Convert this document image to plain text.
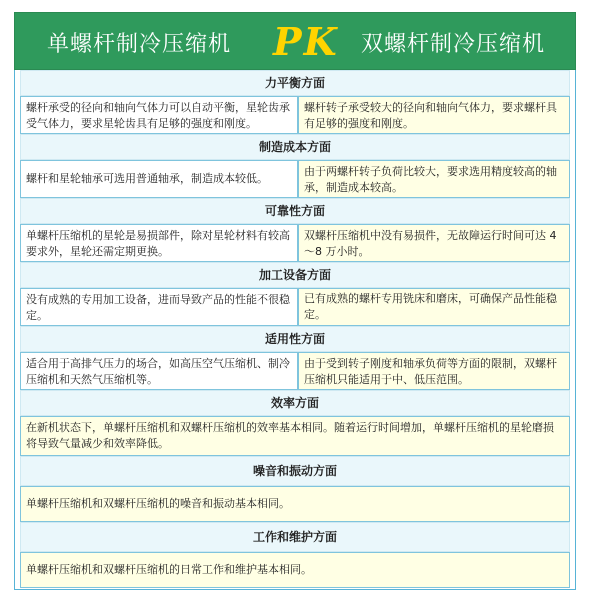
单螺杆制冷压缩机 PK 双螺杆制冷压缩机
力平衡方面
螺杆承受的径向和轴向气体力可以自动平衡，星轮齿承受气体力，要求星轮齿具有足够的强度和刚度。
螺杆转子承受较大的径向和轴向气体力，要求螺杆具有足够的强度和刚度。
制造成本方面
螺杆和星轮轴承可选用普通轴承，制造成本较低。
由于两螺杆转子负荷比较大，要求选用精度较高的轴承，制造成本较高。
可靠性方面
单螺杆压缩机的星轮是易损部件，除对星轮材料有较高要求外，星轮还需定期更换。
双螺杆压缩机中没有易损件，无故障运行时间可达 4～8 万小时。
加工设备方面
没有成熟的专用加工设备，进而导致产品的性能不很稳定。
已有成熟的螺杆专用铣床和磨床，可确保产品性能稳定。
适用性方面
适合用于高排气压力的场合，如高压空气压缩机、制冷压缩机和天然气压缩机等。
由于受到转子刚度和轴承负荷等方面的限制，双螺杆压缩机只能适用于中、低压范围。
效率方面
在新机状态下，单螺杆压缩机和双螺杆压缩机的效率基本相同。随着运行时间增加，单螺杆压缩机的星轮磨损将导致气量减少和效率降低。
噪音和振动方面
单螺杆压缩机和双螺杆压缩机的噪音和振动基本相同。
工作和维护方面
单螺杆压缩机和双螺杆压缩机的日常工作和维护基本相同。
